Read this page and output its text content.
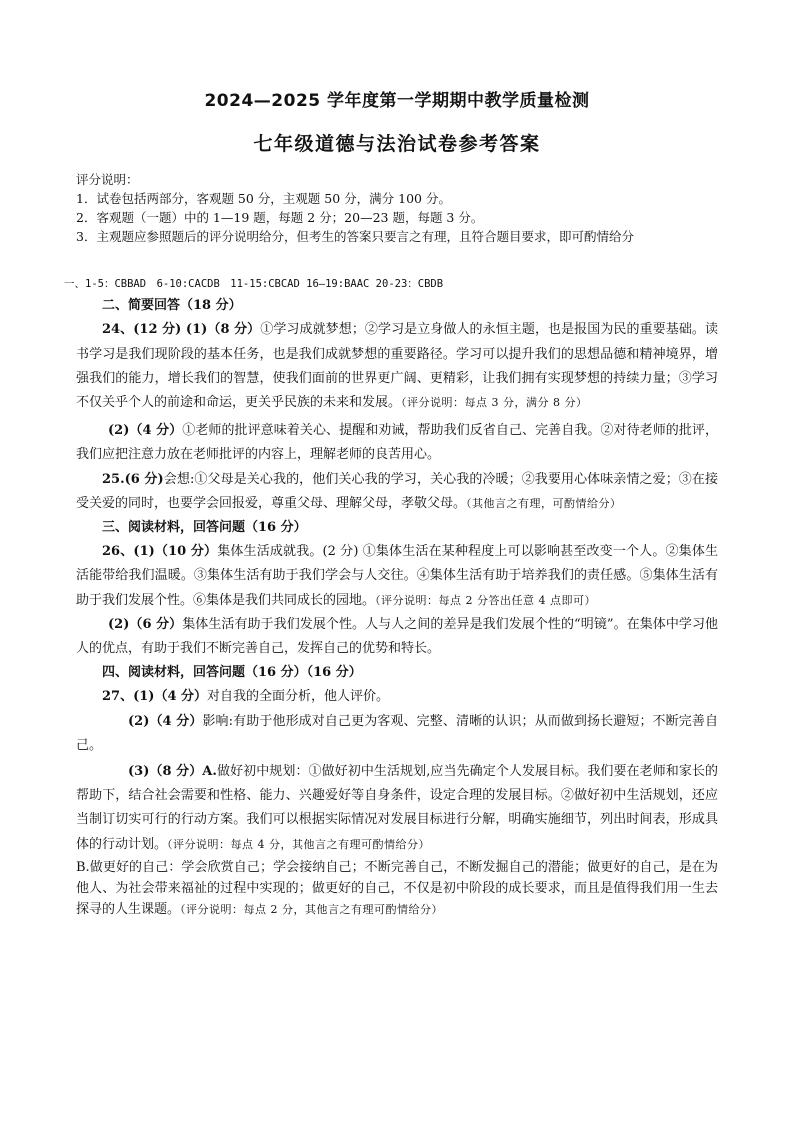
2024—2025 学年度第一学期期中教学质量检测
七年级道德与法治试卷参考答案

评分说明：

1．试卷包括两部分，客观题 50 分，主观题 50 分，满分 100 分。

2．客观题（一题）中的 1—19 题，每题 2 分；20—23 题，每题 3 分。

3．主观题应参照题后的评分说明给分，但考生的答案只要言之有理，且符合题目要求，即可酌情给分

一、1-5：CBBAD　6-10:CACDB　11-15:CBCAD 16—19:BAAC 20-23：CBDB

二、简要回答（18 分）

24、(12 分) (1)（8 分）①学习成就梦想；②学习是立身做人的永恒主题，也是报国为民的重要基础。读书学习是我们现阶段的基本任务，也是我们成就梦想的重要路径。学习可以提升我们的思想品德和精神境界，增强我们的能力，增长我们的智慧，使我们面前的世界更广阔、更精彩，让我们拥有实现梦想的持续力量；③学习不仅关乎个人的前途和命运，更关乎民族的未来和发展。（评分说明：每点 3 分，满分 8 分）

(2)（4 分）①老师的批评意味着关心、提醒和劝诫，帮助我们反省自己、完善自我。②对待老师的批评，我们应把注意力放在老师批评的内容上，理解老师的良苦用心。

25.(6 分)会想:①父母是关心我的，他们关心我的学习，关心我的冷暖；②我要用心体味亲情之爱；③在接受关爱的同时，也要学会回报爱，尊重父母、理解父母，孝敬父母。（其他言之有理，可酌情给分）

三、阅读材料，回答问题（16 分）

26、(1)（10 分）集体生活成就我。(2 分) ①集体生活在某种程度上可以影响甚至改变一个人。②集体生活能带给我们温暖。③集体生活有助于我们学会与人交往。④集体生活有助于培养我们的责任感。⑤集体生活有助于我们发展个性。⑥集体是我们共同成长的园地。（评分说明：每点 2 分答出任意 4 点即可）

(2)（6 分）集体生活有助于我们发展个性。人与人之间的差异是我们发展个性的“明镜”。在集体中学习他人的优点，有助于我们不断完善自己，发挥自己的优势和特长。

四、阅读材料，回答问题（16 分）（16 分）

27、(1)（4 分）对自我的全面分析，他人评价。

(2)（4 分）影响:有助于他形成对自己更为客观、完整、清晰的认识；从而做到扬长避短；不断完善自己。

(3)（8 分）A.做好初中规划：①做好初中生活规划,应当先确定个人发展目标。我们要在老师和家长的帮助下，结合社会需要和性格、能力、兴趣爱好等自身条件，设定合理的发展目标。②做好初中生活规划，还应当制订切实可行的行动方案。我们可以根据实际情况对发展目标进行分解，明确实施细节，列出时间表，形成具体的行动计划。（评分说明：每点 4 分，其他言之有理可酌情给分）

B.做更好的自己：学会欣赏自己；学会接纳自己；不断完善自己，不断发掘自己的潜能；做更好的自己，是在为他人、为社会带来福祉的过程中实现的；做更好的自己，不仅是初中阶段的成长要求，而且是值得我们用一生去探寻的人生课题。（评分说明：每点 2 分，其他言之有理可酌情给分）
